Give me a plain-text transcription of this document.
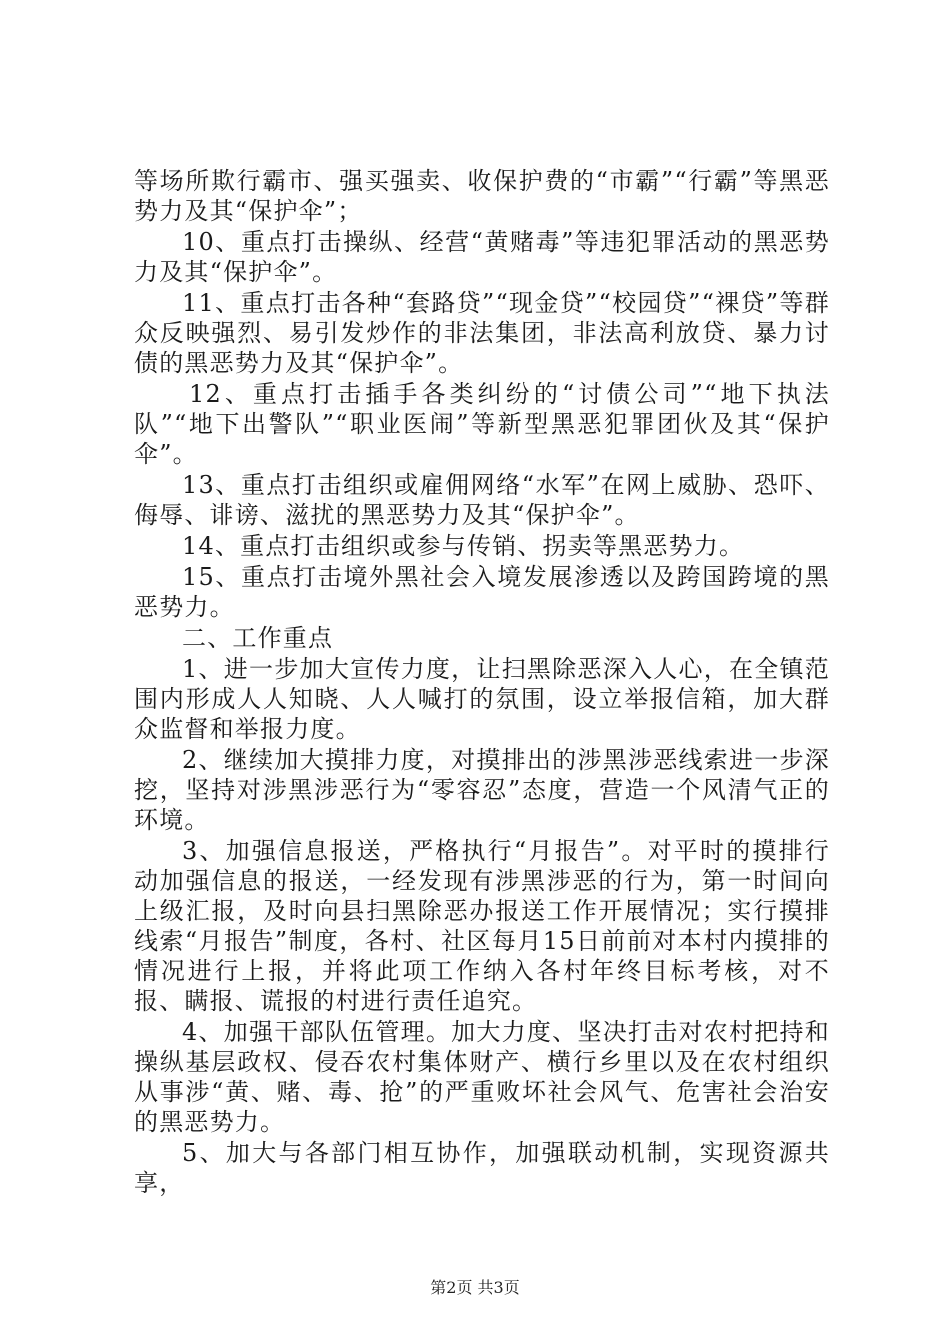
等场所欺行霸市、强买强卖、收保护费的“市霸”“行霸”等黑恶势力及其“保护伞”；

10、重点打击操纵、经营“黄赌毒”等违犯罪活动的黑恶势力及其“保护伞”。

11、重点打击各种“套路贷”“现金贷”“校园贷”“裸贷”等群众反映强烈、易引发炒作的非法集团，非法高利放贷、暴力讨债的黑恶势力及其“保护伞”。

12、重点打击插手各类纠纷的“讨债公司”“地下执法队”“地下出警队”“职业医闹”等新型黑恶犯罪团伙及其“保护伞”。

13、重点打击组织或雇佣网络“水军”在网上威胁、恐吓、侮辱、诽谤、滋扰的黑恶势力及其“保护伞”。

14、重点打击组织或参与传销、拐卖等黑恶势力。

15、重点打击境外黑社会入境发展渗透以及跨国跨境的黑恶势力。

二、工作重点

1、进一步加大宣传力度，让扫黑除恶深入人心，在全镇范围内形成人人知晓、人人喊打的氛围，设立举报信箱，加大群众监督和举报力度。

2、继续加大摸排力度，对摸排出的涉黑涉恶线索进一步深挖，坚持对涉黑涉恶行为“零容忍”态度，营造一个风清气正的环境。

3、加强信息报送，严格执行“月报告”。对平时的摸排行动加强信息的报送，一经发现有涉黑涉恶的行为，第一时间向上级汇报，及时向县扫黑除恶办报送工作开展情况；实行摸排线索“月报告”制度，各村、社区每月15日前前对本村内摸排的情况进行上报，并将此项工作纳入各村年终目标考核，对不报、瞒报、谎报的村进行责任追究。

4、加强干部队伍管理。加大力度、坚决打击对农村把持和操纵基层政权、侵吞农村集体财产、横行乡里以及在农村组织从事涉“黄、赌、毒、抢”的严重败坏社会风气、危害社会治安的黑恶势力。

5、加大与各部门相互协作，加强联动机制，实现资源共享，

第2页 共3页
